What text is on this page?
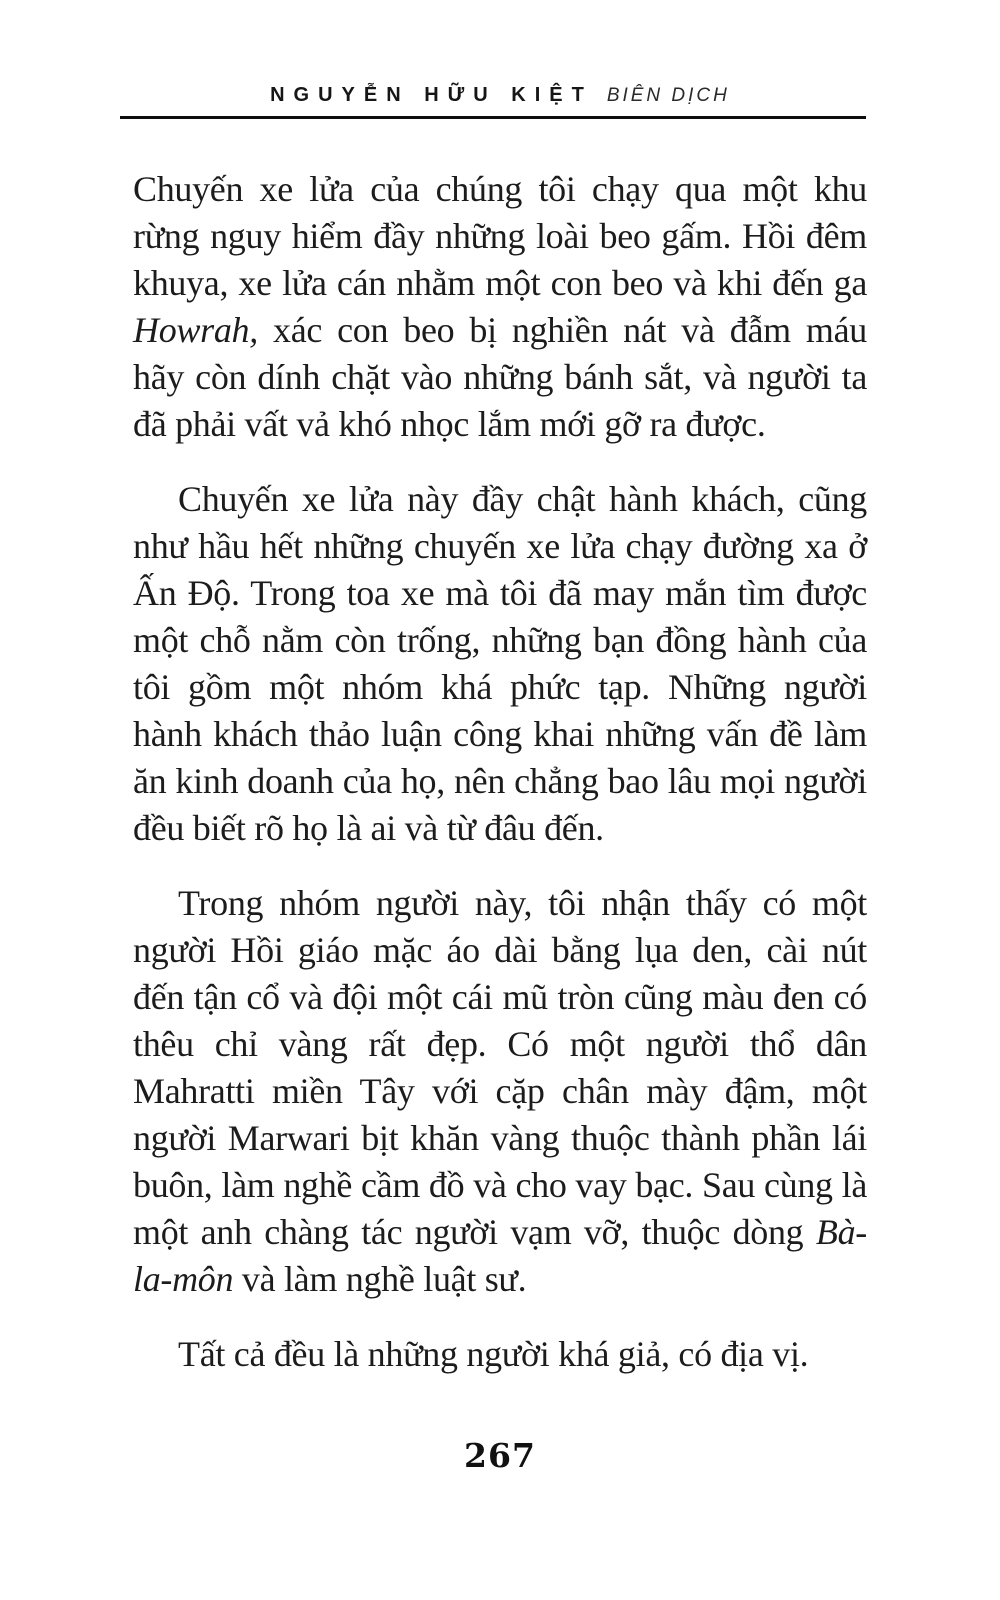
NGUYỄN HỮU KIỆT BIÊN DỊCH

Chuyến xe lửa của chúng tôi chạy qua một khu rừng nguy hiểm đầy những loài beo gấm. Hồi đêm khuya, xe lửa cán nhằm một con beo và khi đến ga Howrah, xác con beo bị nghiền nát và đẫm máu hãy còn dính chặt vào những bánh sắt, và người ta đã phải vất vả khó nhọc lắm mới gỡ ra được.

Chuyến xe lửa này đầy chật hành khách, cũng như hầu hết những chuyến xe lửa chạy đường xa ở Ấn Độ. Trong toa xe mà tôi đã may mắn tìm được một chỗ nằm còn trống, những bạn đồng hành của tôi gồm một nhóm khá phức tạp. Những người hành khách thảo luận công khai những vấn đề làm ăn kinh doanh của họ, nên chẳng bao lâu mọi người đều biết rõ họ là ai và từ đâu đến.

Trong nhóm người này, tôi nhận thấy có một người Hồi giáo mặc áo dài bằng lụa den, cài nút đến tận cổ và đội một cái mũ tròn cũng màu đen có thêu chỉ vàng rất đẹp. Có một người thổ dân Mahratti miền Tây với cặp chân mày đậm, một người Marwari bịt khăn vàng thuộc thành phần lái buôn, làm nghề cầm đồ và cho vay bạc. Sau cùng là một anh chàng tác người vạm vỡ, thuộc dòng Bà-la-môn và làm nghề luật sư.

Tất cả đều là những người khá giả, có địa vị.

267
